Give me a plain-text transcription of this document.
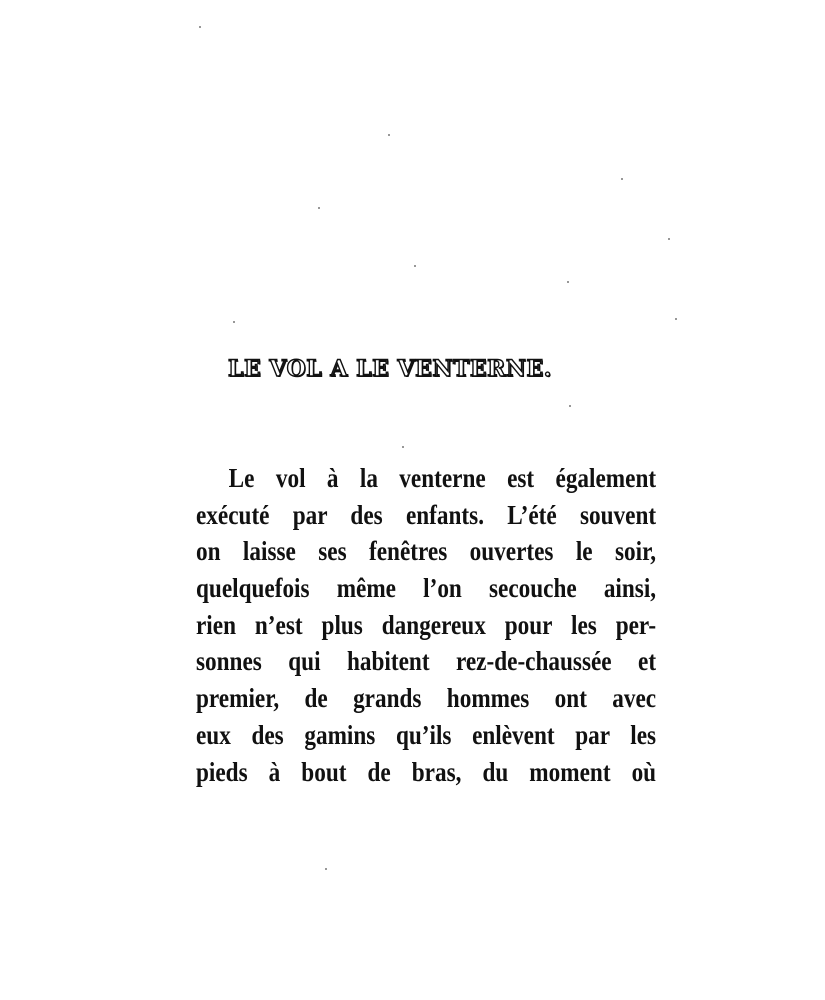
LE VOL A LE VENTERNE.
Le vol à la venterne est également
exécuté par des enfants. L’été souvent
on laisse ses fenêtres ouvertes le soir,
quelquefois même l’on secouche ainsi,
rien n’est plus dangereux pour les per-
sonnes qui habitent rez-de-chaussée et
premier, de grands hommes ont avec
eux des gamins qu’ils enlèvent par les
pieds à bout de bras, du moment où
